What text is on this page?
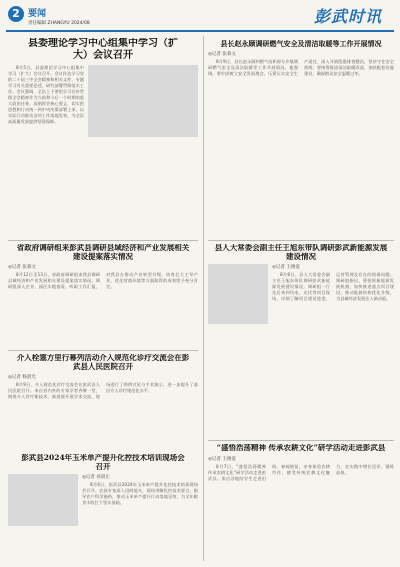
2 要闻
责任编辑 ZHANGYU 2024/08	彭武时讯
县委理论学习中心组集中学习（扩大）会议召开
8月5日，县委理论学习中心组集中学习（扩大）会议召开。会议传达学习党的二十届三中全会精神和相关文件，专题学习有关重要论述，研究部署贯彻落实工作。会议强调，全县上下要把学习宣传贯彻全会精神作为当前和今后一个时期的重大政治任务，深刻领会核心要义，切实把思想和行动统一到中央决策部署上来，以实际行动推动各项工作落地见效，为全县高质量发展提供坚强保障。
县长赵永顾调研燃气安全及清洁取暖等工作开展情况
◎记者 张慕文
8月9日，县长赵永顾到燃气站和部分乡镇调研燃气安全及清洁取暖等工作开展情况。他强调，要牢固树立安全发展理念，压紧压实安全生产责任，深入开展隐患排查整治，坚决守住安全底线；要统筹推进清洁取暖改造，加快配套设施建设，确保群众安全温暖过冬。
省政府调研组来彭武县调研县域经济和产业发展相关建设提案落实情况
◎记者 张慕文
8月12日至13日，省政府调研组来我县调研县域经济和产业发展相关建设提案落实情况。调研组深入企业、园区实地查看，听取工作汇报，对我县在推动产业转型升级、培育壮大主导产业、优化营商环境等方面取得的成效给予充分肯定。
县人大常委会副主任王旭东带队调研彭武新能源发展建设情况
◎记者 王俊宴
8月8日，县人大常委会副主任王旭东带队调研彭武新能源发展建设情况。调研组一行先后来到风电、光伏等项目现场，详细了解项目建设进度、运营管理及存在的困难问题。调研组指出，要抢抓新能源发展机遇，加快推进重点项目建设，推动能源结构优化升级，为县域经济发展注入新动能。
介入栓塞方里行幕列活动介入规范化诊疗交流会在彭武县人民医院召开
◎记者 杨晨光
8月9日，介入规范化诊疗交流会在彭武县人民医院召开。来自省内外的专家学者齐聚一堂，围绕介入诊疗新技术、新进展开展学术交流，现场进行了病例讨论与手术演示，进一步提升了基层介入诊疗规范化水平。
彭武县2024年玉米单产提升化控技术培训现场会召开
◎记者 孙晨正
8月6日，彭武县2024年玉米单产提升化控技术培训现场会召开。农技专家深入田间地头，现场讲解化控技术要点，指导农户科学施药，推动玉米单产提升行动落地见效，为全年粮食丰收打下坚实基础。
“盛悟浩荡精神 传承农耕文化”研学活动走进彭武县
◎记者 王俊宴
8月7日，“盛悟浩荡精神 传承农耕文化”研学活动走进彭武县。来自各地的学生走进田间、参观展馆，亲身体验农耕劳作，感受传统农耕文化魅力，在实践中增长见识、锤炼品格。
